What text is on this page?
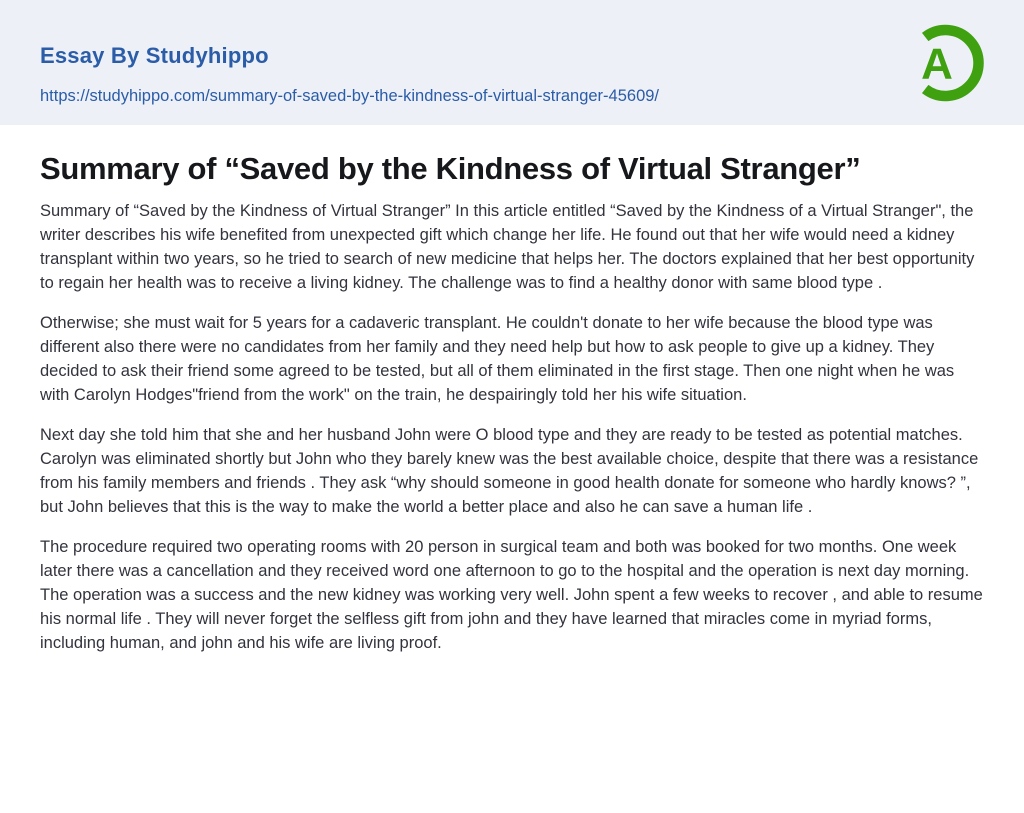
Essay By Studyhippo
https://studyhippo.com/summary-of-saved-by-the-kindness-of-virtual-stranger-45609/
A
Summary of “Saved by the Kindness of Virtual Stranger”

Summary of “Saved by the Kindness of Virtual Stranger” In this article entitled “Saved by the Kindness of a Virtual Stranger", the writer describes his wife benefited from unexpected gift which change her life. He found out that her wife would need a kidney transplant within two years, so he tried to search of new medicine that helps her. The doctors explained that her best opportunity to regain her health was to receive a living kidney. The challenge was to find a healthy donor with same blood type .

Otherwise; she must wait for 5 years for a cadaveric transplant. He couldn't donate to her wife because the blood type was different also there were no candidates from her family and they need help but how to ask people to give up a kidney. They decided to ask their friend some agreed to be tested, but all of them eliminated in the first stage. Then one night when he was with Carolyn Hodges"friend from the work" on the train, he despairingly told her his wife situation.

Next day she told him that she and her husband John were O blood type and they are ready to be tested as potential matches. Carolyn was eliminated shortly but John who they barely knew was the best available choice, despite that there was a resistance from his family members and friends . They ask “why should someone in good health donate for someone who hardly knows? ”, but John believes that this is the way to make the world a better place and also he can save a human life .

The procedure required two operating rooms with 20 person in surgical team and both was booked for two months. One week later there was a cancellation and they received word one afternoon to go to the hospital and the operation is next day morning. The operation was a success and the new kidney was working very well. John spent a few weeks to recover , and able to resume his normal life . They will never forget the selfless gift from john and they have learned that miracles come in myriad forms, including human, and john and his wife are living proof.
